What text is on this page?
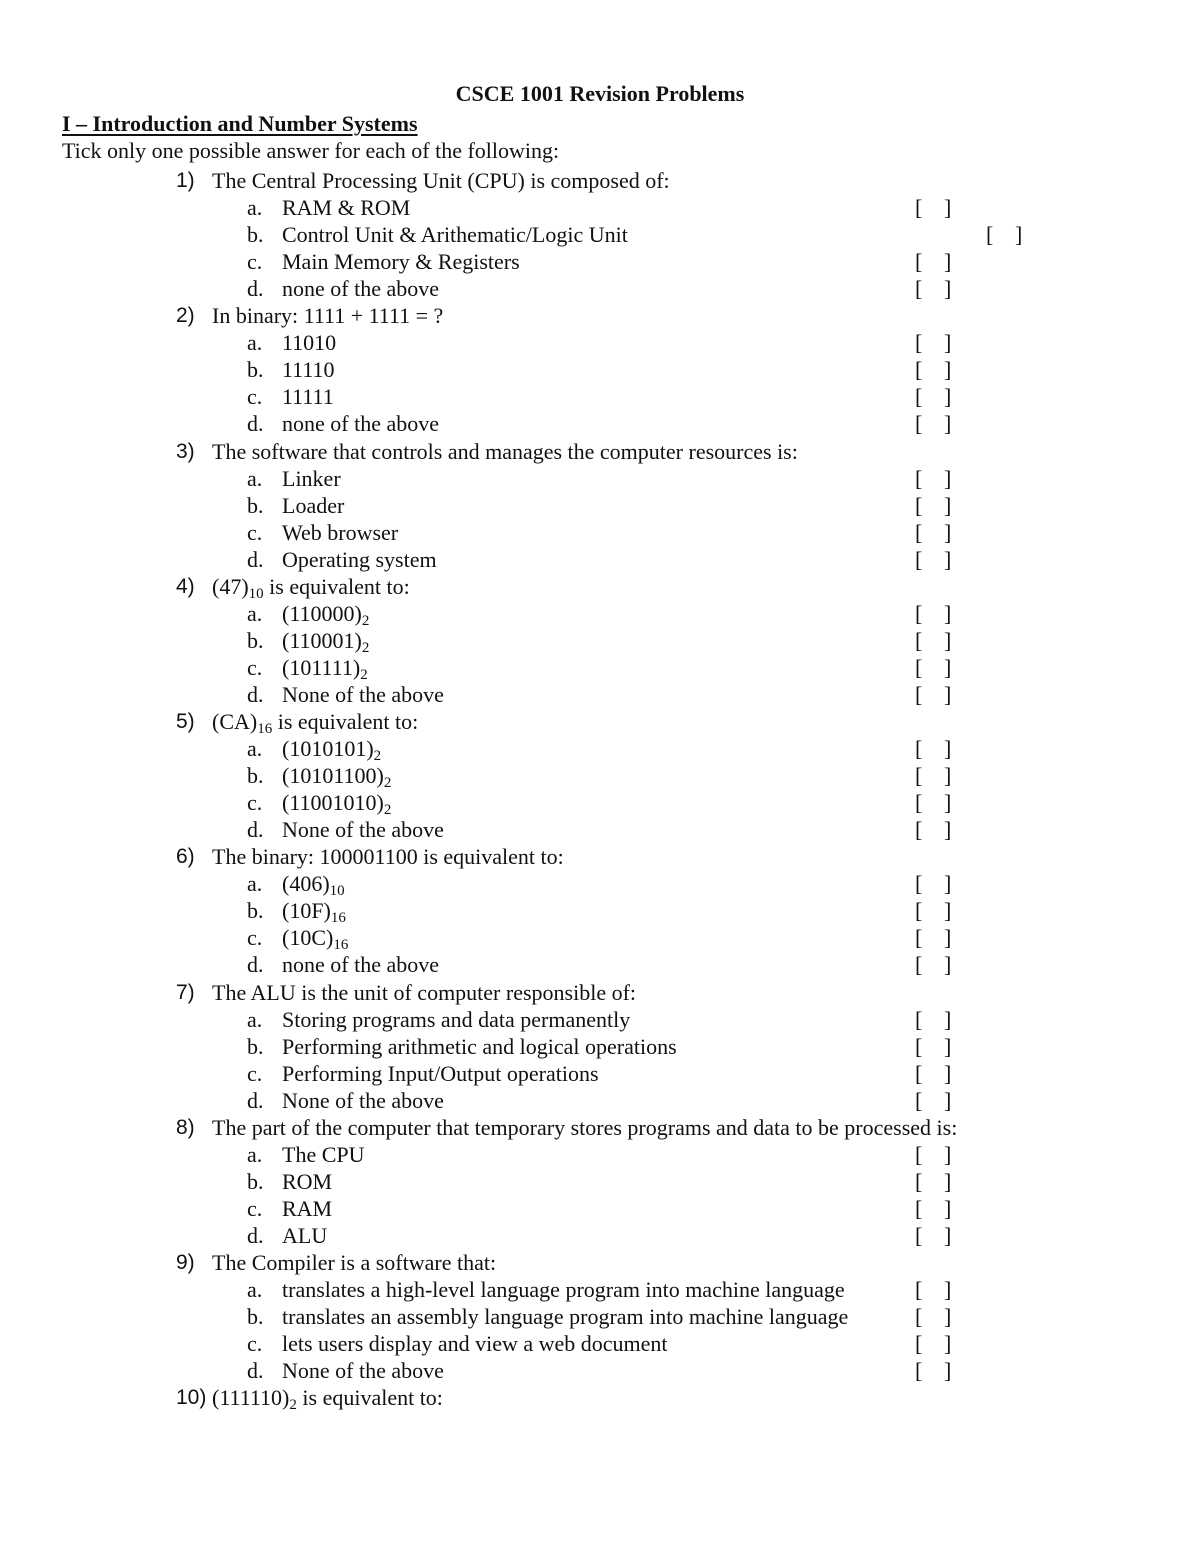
CSCE 1001 Revision Problems
I – Introduction and Number Systems
Tick only one possible answer for each of the following:
1) The Central Processing Unit (CPU) is composed of:
a. RAM & ROM	[ ]
b. Control Unit & Arithematic/Logic Unit	[ ]
c. Main Memory & Registers	[ ]
d. none of the above	[ ]
2) In binary: 1111 + 1111 = ?
a. 11010	[ ]
b. 11110	[ ]
c. 11111	[ ]
d. none of the above	[ ]
3) The software that controls and manages the computer resources is:
a. Linker	[ ]
b. Loader	[ ]
c. Web browser	[ ]
d. Operating system	[ ]
4) $(47)_{10}$ is equivalent to:
a. $(110000)_2$	[ ]
b. $(110001)_2$	[ ]
c. $(101111)_2$	[ ]
d. None of the above	[ ]
5) $(CA)_{16}$ is equivalent to:
a. $(1010101)_2$	[ ]
b. $(10101100)_2$	[ ]
c. $(11001010)_2$	[ ]
d. None of the above	[ ]
6) The binary: 100001100 is equivalent to:
a. $(406)_{10}$	[ ]
b. $(10F)_{16}$	[ ]
c. $(10C)_{16}$	[ ]
d. none of the above	[ ]
7) The ALU is the unit of computer responsible of:
a. Storing programs and data permanently	[ ]
b. Performing arithmetic and logical operations	[ ]
c. Performing Input/Output operations	[ ]
d. None of the above	[ ]
8) The part of the computer that temporary stores programs and data to be processed is:
a. The CPU	[ ]
b. ROM	[ ]
c. RAM	[ ]
d. ALU	[ ]
9) The Compiler is a software that:
a. translates a high-level language program into machine language	[ ]
b. translates an assembly language program into machine language	[ ]
c. lets users display and view a web document	[ ]
d. None of the above	[ ]
10) $(111110)_2$ is equivalent to:
